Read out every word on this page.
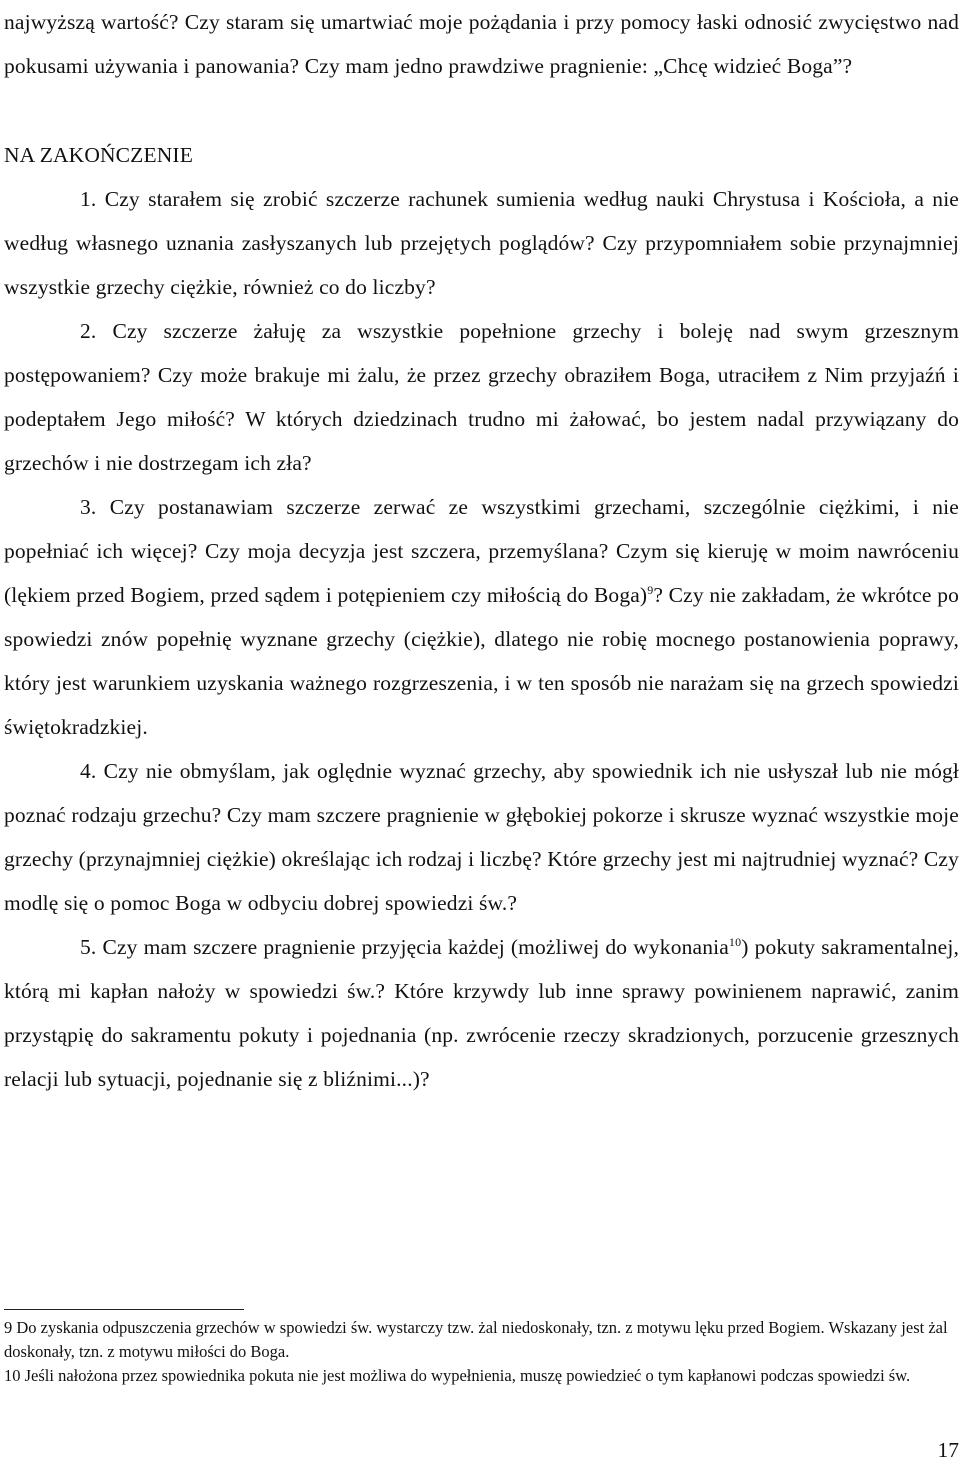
najwyższą wartość? Czy staram się umartwiać moje pożądania i przy pomocy łaski odnosić zwycięstwo nad pokusami używania i panowania? Czy mam jedno prawdziwe pragnienie: „Chcę widzieć Boga”?

NA ZAKOŃCZENIE

1. Czy starałem się zrobić szczerze rachunek sumienia według nauki Chrystusa i Kościoła, a nie według własnego uznania zasłyszanych lub przejętych poglądów? Czy przypomniałem sobie przynajmniej wszystkie grzechy ciężkie, również co do liczby?

2. Czy szczerze żałuję za wszystkie popełnione grzechy i boleję nad swym grzesznym postępowaniem? Czy może brakuje mi żalu, że przez grzechy obraziłem Boga, utraciłem z Nim przyjaźń i podeptałem Jego miłość? W których dziedzinach trudno mi żałować, bo jestem nadal przywiązany do grzechów i nie dostrzegam ich zła?

3. Czy postanawiam szczerze zerwać ze wszystkimi grzechami, szczególnie ciężkimi, i nie popełniać ich więcej? Czy moja decyzja jest szczera, przemyślana? Czym się kieruję w moim nawróceniu (lękiem przed Bogiem, przed sądem i potępieniem czy miłością do Boga)$^9$? Czy nie zakładam, że wkrótce po spowiedzi znów popełnię wyznane grzechy (ciężkie), dlatego nie robię mocnego postanowienia poprawy, który jest warunkiem uzyskania ważnego rozgrzeszenia, i w ten sposób nie narażam się na grzech spowiedzi świętokradzkiej.

4. Czy nie obmyślam, jak oględnie wyznać grzechy, aby spowiednik ich nie usłyszał lub nie mógł poznać rodzaju grzechu? Czy mam szczere pragnienie w głębokiej pokorze i skrusze wyznać wszystkie moje grzechy (przynajmniej ciężkie) określając ich rodzaj i liczbę? Które grzechy jest mi najtrudniej wyznać? Czy modlę się o pomoc Boga w odbyciu dobrej spowiedzi św.?

5. Czy mam szczere pragnienie przyjęcia każdej (możliwej do wykonania$^{10}$) pokuty sakramentalnej, którą mi kapłan nałoży w spowiedzi św.? Które krzywdy lub inne sprawy powinienem naprawić, zanim przystąpię do sakramentu pokuty i pojednania (np. zwrócenie rzeczy skradzionych, porzucenie grzesznych relacji lub sytuacji, pojednanie się z bliźnimi...)?

9 Do zyskania odpuszczenia grzechów w spowiedzi św. wystarczy tzw. żal niedoskonały, tzn. z motywu lęku przed Bogiem. Wskazany jest żal doskonały, tzn. z motywu miłości do Boga.

10 Jeśli nałożona przez spowiednika pokuta nie jest możliwa do wypełnienia, muszę powiedzieć o tym kapłanowi podczas spowiedzi św.

17
